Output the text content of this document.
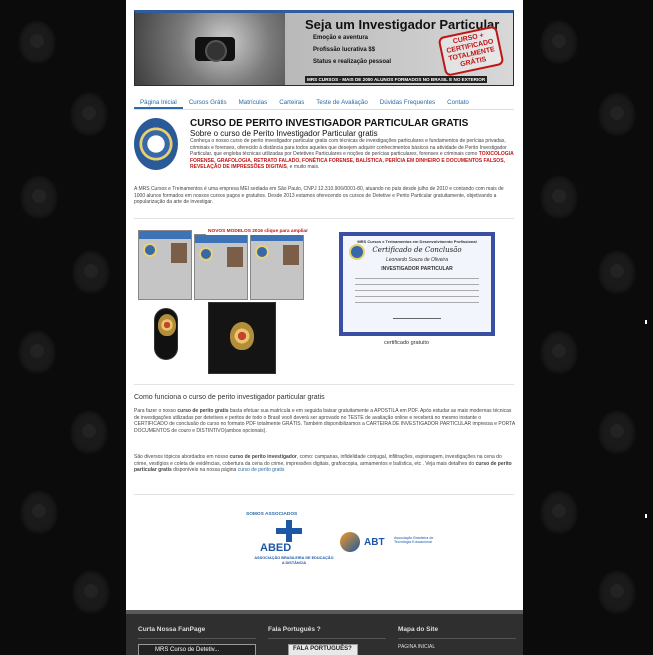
Seja um Investigador Particular
Emoção e aventura
Profissão lucrativa $$
Status e realização pessoal
CURSO + CERTIFICADO TOTALMENTE GRÁTIS
MRS CURSOS - MAIS DE 2000 ALUNOS FORMADOS NO BRASIL E NO EXTERIOR
Página Inicial	Cursos Grátis	Matrículas	Carteiras	Teste de Avaliação	Dúvidas Frequentes	Contato
CURSO DE PERITO INVESTIGADOR PARTICULAR GRATIS
Sobre o curso de Perito Investigador Particular gratis
Conheça o nosso curso de perito investigador particular gratis com técnicas de investigações particulares e fundamentos de perícias privadas, criminais e forenses, oferecido à distância para todos aqueles que desejem adquirir conhecimentos básicos na atividade de Perito Investigador Particular, que engloba técnicas utilizadas por Detetives Particulares e noções de perícias particulares, forenses e criminais como TOXICOLOGIA FORENSE, GRAFOLOGIA, RETRATO FALADO, FONÉTICA FORENSE, BALÍSTICA, PERÍCIA EM DINHEIRO E DOCUMENTOS FALSOS, REVELAÇÃO DE IMPRESSÕES DIGITAIS, e muito mais.
A MRS Cursos e Treinamentos é uma empresa MEI sediada em São Paulo, CNPJ 12.310.906/0001-80, atuando no país desde julho de 2010 e contando com mais de 1000 alunos formados em nossos cursos pagos e gratuitos. Desde 2013 estamos oferecendo os cursos de Detetive e Perito Particular gratuitamente, objetivando a popularização da arte de investigar.
NOVOS MODELOS 2016 clique para ampliar
MRS Cursos e Treinamentos em Desenvolvimento Profissional
Certificado de Conclusão
Leonardo Souza de Oliveira
INVESTIGADOR PARTICULAR
certificado gratuito
Como funciona o curso de perito investigador particular gratis
Para fazer o nosso curso de perito gratis basta efetuar sua matrícula e em seguida baixar gratuitamente a APOSTILA em PDF. Após estudar as mais modernas técnicas de investigações utilizadas por detetives e peritos de todo o Brasil você deverá ser aprovado no TESTE de avaliação online e receberá no mesmo instante o CERTIFICADO de conclusão do curso no formato PDF totalmente GRÁTIS. Também disponibilizamos a CARTEIRA DE INVESTIGADOR PARTICULAR impressa e PORTA DOCUMENTOS de couro e DISTINTIVO(ambos opcionais).
São diversos tópicos abordados em nosso curso de perito investigador, como: campanas, infidelidade conjugal, infiltrações, espionagem, investigações na cena do crime, vestígios e coleta de evidências, cobertura da cena do crime, impressões digitais, grafoscopia, armamentos e balística, etc . Veja mais detalhes do curso de perito particular gratis disponíveis na nossa página curso de perito gratis
SOMOS ASSOCIADOS
ABED
ASSOCIAÇÃO BRASILEIRA DE EDUCAÇÃO A DISTÂNCIA
ABT	Associação Brasileira de Tecnologia Educacional
Curta Nossa FanPage	Fala Português ?	Mapa do Site
MRS Curso de Detetiv...	FALA PORTUGUÊS?	PAGINA INICIAL
